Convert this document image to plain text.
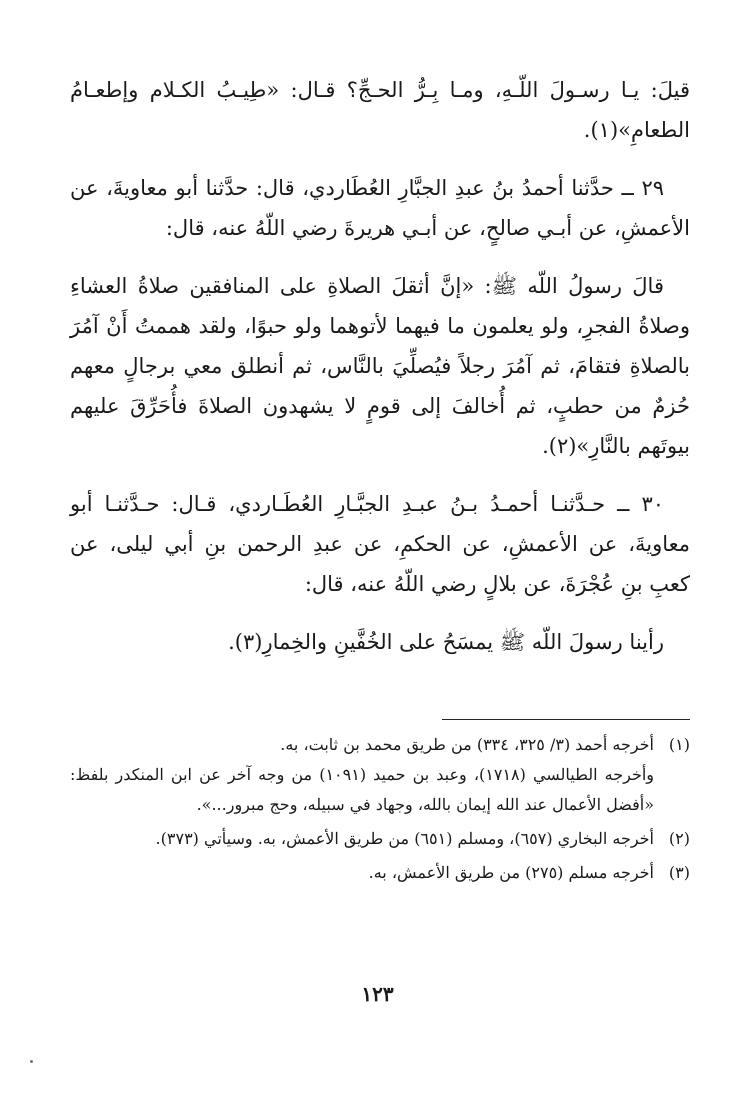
قيلَ: يـا رسـولَ اللّـهِ، ومـا بِـرُّ الحـجِّ؟ قـال: «طِيـبُ الكـلام وإطعـامُ الطعامِ»(١).

٢٩ ــ حدَّثنا أحمدُ بنُ عبدِ الجبَّارِ العُطَاردي، قال: حدَّثنا أبو معاويةَ، عن الأعمشِ، عن أبـي صالحٍ، عن أبـي هريرةَ رضي اللّهُ عنه، قال:

قالَ رسولُ اللّه ﷺ: «إنَّ أثقلَ الصلاةِ على المنافقين صلاةُ العشاءِ وصلاةُ الفجرِ، ولو يعلمون ما فيهما لأتوهما ولو حبوًا، ولقد هممتُ أَنْ آمُرَ بالصلاةِ فتقامَ، ثم آمُرَ رجلاً فيُصلِّيَ بالنَّاس، ثم أنطلق معي برجالٍ معهم حُزمٌ من حطبٍ، ثم أُخالفَ إلى قومٍ لا يشهدون الصلاةَ فأُحَرِّقَ عليهم بيوتَهم بالنَّارِ»(٢).

٣٠ ــ حـدَّثنـا أحمـدُ بـنُ عبـدِ الجبَّـارِ العُطَـاردي، قـال: حـدَّثنـا أبو معاويةَ، عن الأعمشِ، عن الحكمِ، عن عبدِ الرحمن بنِ أبي ليلى، عن كعبِ بنِ عُجْرَةَ، عن بلالٍ رضي اللّهُ عنه، قال:

رأينا رسولَ اللّه ﷺ يمسَحُ على الخُفَّينِ والخِمارِ(٣).

(١)
أخرجه أحمد (٣/ ٣٢٥، ٣٣٤) من طريق محمد بن ثابت، به.
وأخرجه الطيالسي (١٧١٨)، وعبد بن حميد (١٠٩١) من وجه آخر عن ابن المنكدر بلفظ: «أفضل الأعمال عند الله إيمان بالله، وجهاد في سبيله، وحج مبرور...».
(٢)
أخرجه البخاري (٦٥٧)، ومسلم (٦٥١) من طريق الأعمش، به. وسيأتي (٣٧٣).
(٣)
أخرجه مسلم (٢٧٥) من طريق الأعمش، به.
١٢٣
